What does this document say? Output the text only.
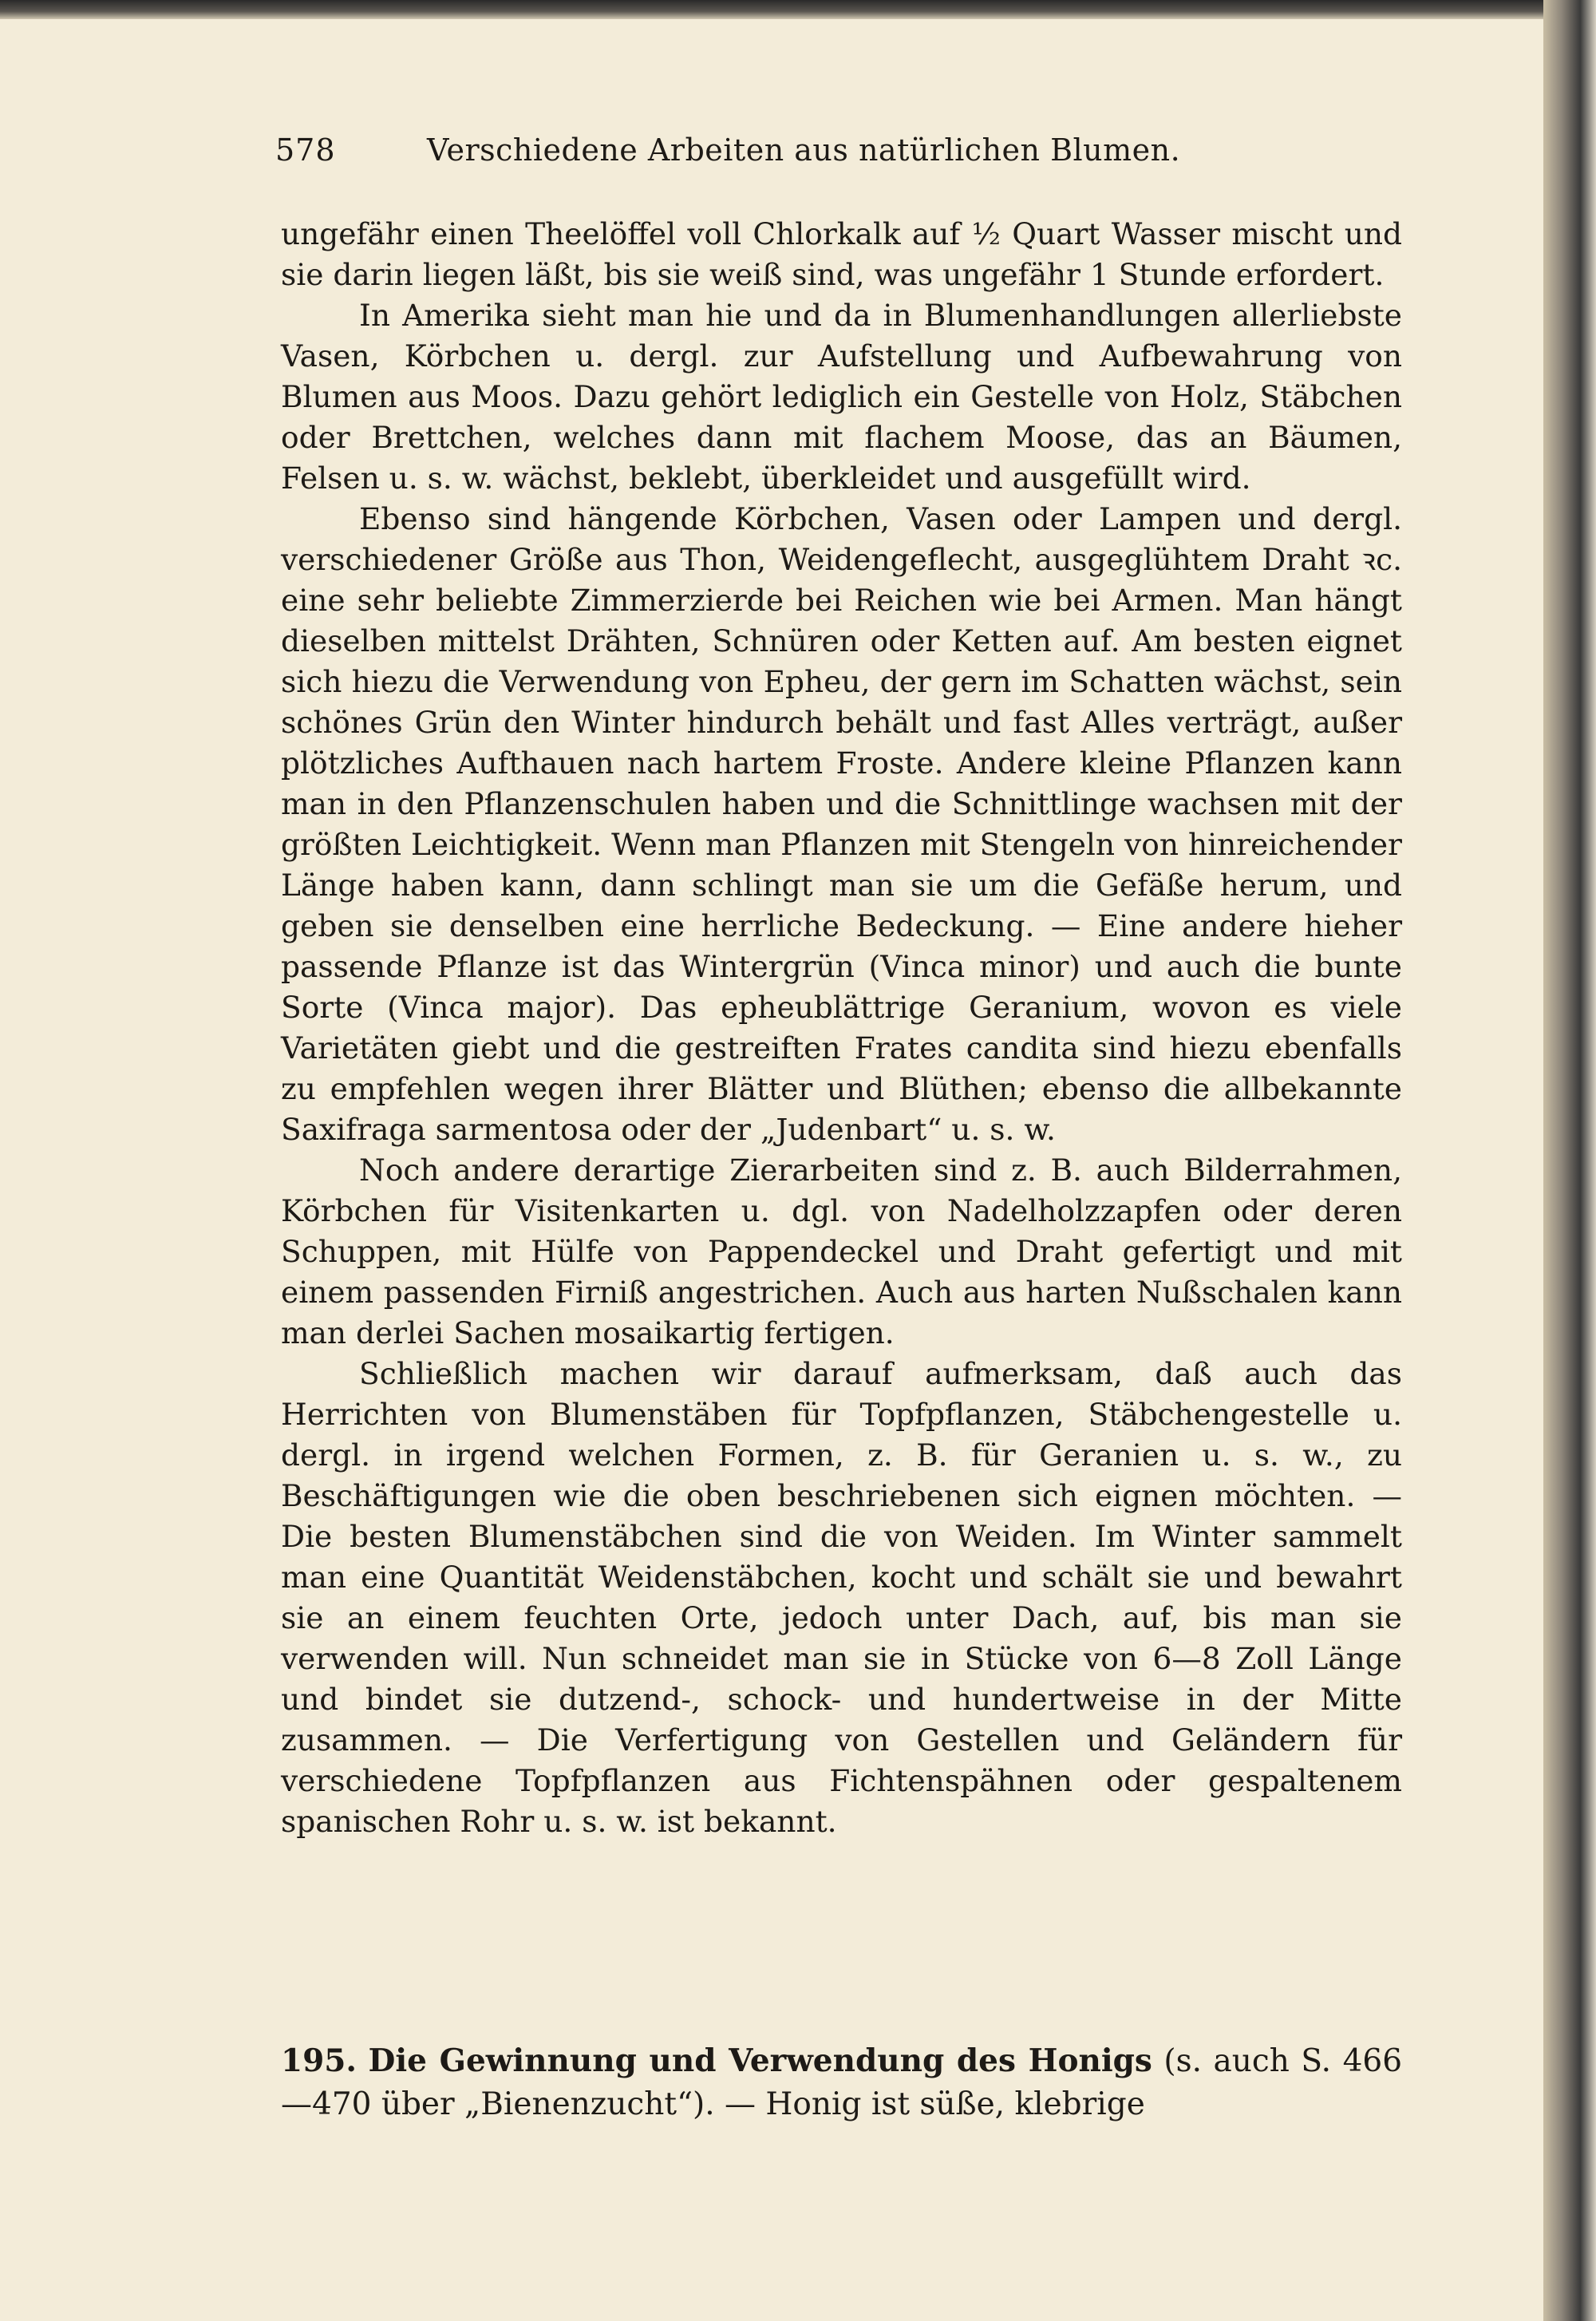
578	Verschiedene Arbeiten aus natürlichen Blumen.

ungefähr einen Theelöffel voll Chlorkalk auf ½ Quart Wasser mischt und sie darin liegen läßt, bis sie weiß sind, was ungefähr 1 Stunde erfordert.

In Amerika sieht man hie und da in Blumenhandlungen allerliebste Vasen, Körbchen u. dergl. zur Aufstellung und Aufbewahrung von Blumen aus Moos. Dazu gehört lediglich ein Gestelle von Holz, Stäbchen oder Brettchen, welches dann mit flachem Moose, das an Bäumen, Felsen u. s. w. wächst, beklebt, überkleidet und ausgefüllt wird.

Ebenso sind hängende Körbchen, Vasen oder Lampen und dergl. verschiedener Größe aus Thon, Weidengeflecht, ausgeglühtem Draht ꝛc. eine sehr beliebte Zimmerzierde bei Reichen wie bei Armen. Man hängt dieselben mittelst Drähten, Schnüren oder Ketten auf. Am besten eignet sich hiezu die Verwendung von Epheu, der gern im Schatten wächst, sein schönes Grün den Winter hindurch behält und fast Alles verträgt, außer plötzliches Aufthauen nach hartem Froste. Andere kleine Pflanzen kann man in den Pflanzenschulen haben und die Schnittlinge wachsen mit der größten Leichtigkeit. Wenn man Pflanzen mit Stengeln von hinreichender Länge haben kann, dann schlingt man sie um die Gefäße herum, und geben sie denselben eine herrliche Bedeckung. — Eine andere hieher passende Pflanze ist das Wintergrün (Vinca minor) und auch die bunte Sorte (Vinca major). Das epheublättrige Geranium, wovon es viele Varietäten giebt und die gestreiften Frates candita sind hiezu ebenfalls zu empfehlen wegen ihrer Blätter und Blüthen; ebenso die allbekannte Saxifraga sarmentosa oder der „Judenbart“ u. s. w.

Noch andere derartige Zierarbeiten sind z. B. auch Bilderrahmen, Körbchen für Visitenkarten u. dgl. von Nadelholzzapfen oder deren Schuppen, mit Hülfe von Pappendeckel und Draht gefertigt und mit einem passenden Firniß angestrichen. Auch aus harten Nußschalen kann man derlei Sachen mosaikartig fertigen.

Schließlich machen wir darauf aufmerksam, daß auch das Herrichten von Blumenstäben für Topfpflanzen, Stäbchengestelle u. dergl. in irgend welchen Formen, z. B. für Geranien u. s. w., zu Beschäftigungen wie die oben beschriebenen sich eignen möchten. — Die besten Blumenstäbchen sind die von Weiden. Im Winter sammelt man eine Quantität Weidenstäbchen, kocht und schält sie und bewahrt sie an einem feuchten Orte, jedoch unter Dach, auf, bis man sie verwenden will. Nun schneidet man sie in Stücke von 6—8 Zoll Länge und bindet sie dutzend-, schock- und hundertweise in der Mitte zusammen. — Die Verfertigung von Gestellen und Geländern für verschiedene Topfpflanzen aus Fichtenspähnen oder gespaltenem spanischen Rohr u. s. w. ist bekannt.

195. Die Gewinnung und Verwendung des Honigs (s. auch S. 466—470 über „Bienenzucht“). — Honig ist süße, klebrige
